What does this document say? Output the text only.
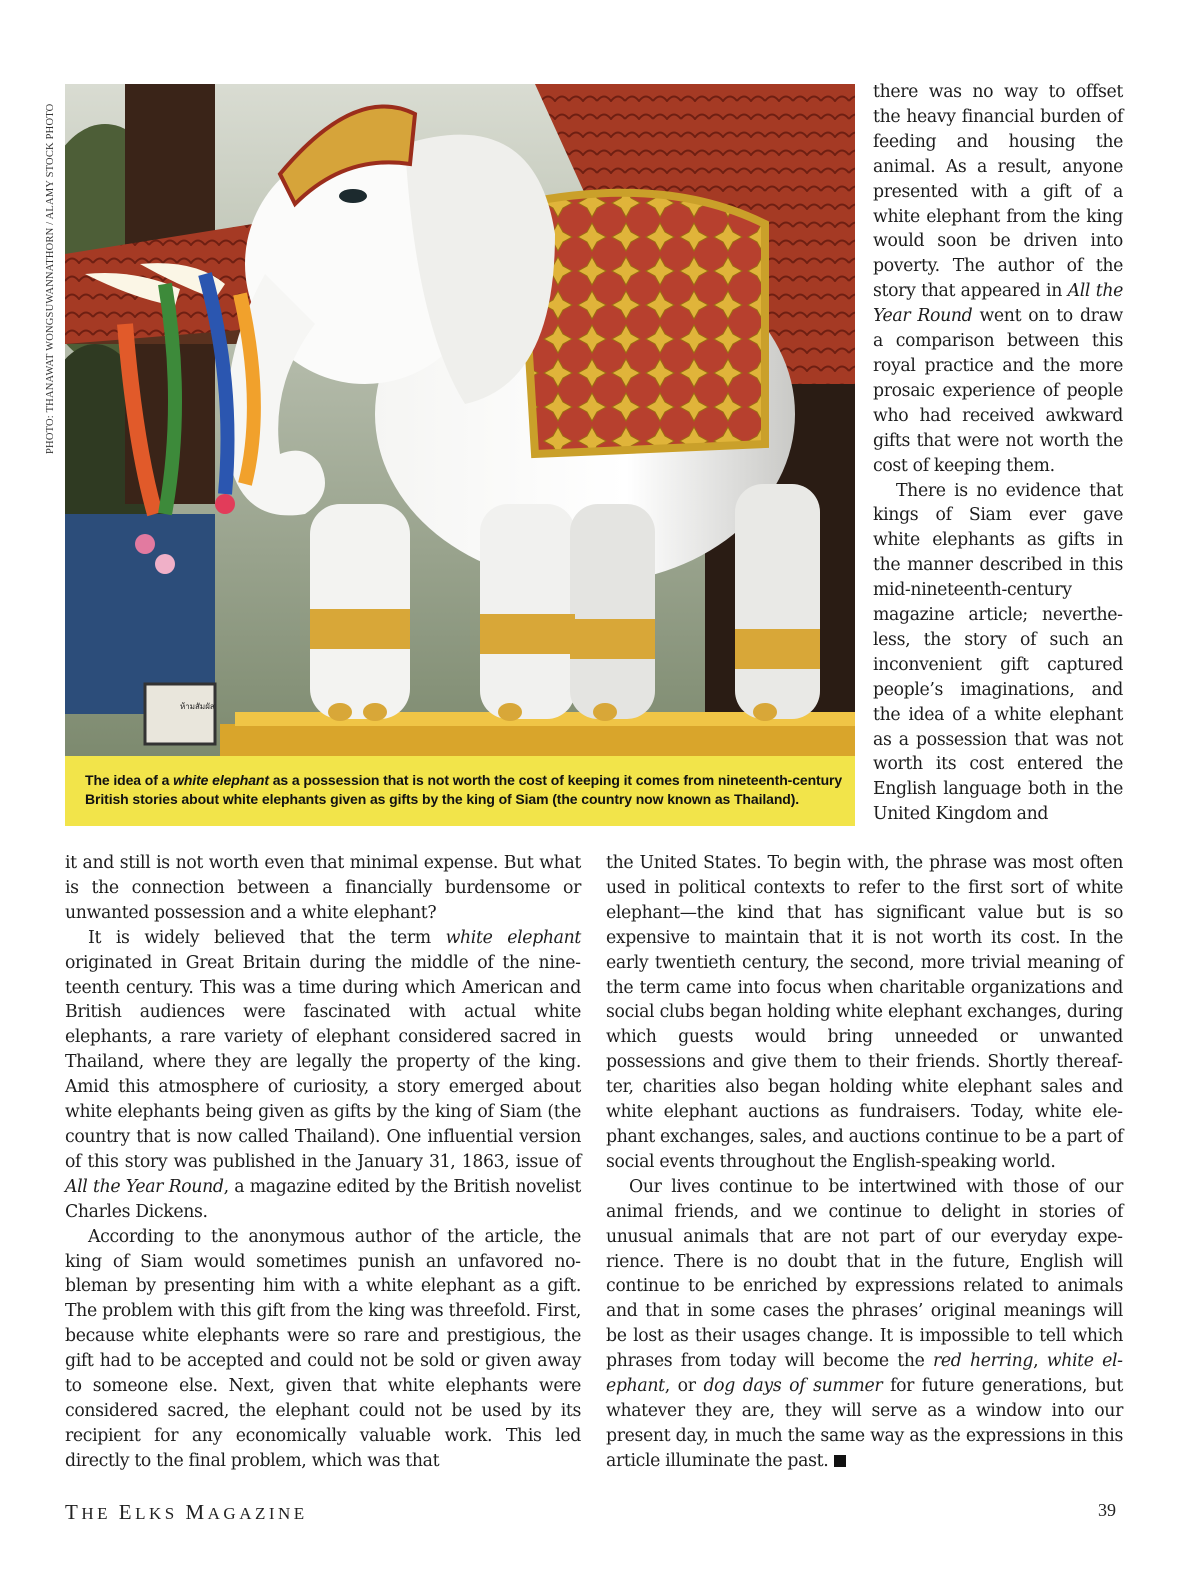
PHOTO: THANAWAT WONGSUWANNATHORN / ALAMY STOCK PHOTO
ห้ามสัมผัส

The idea of a white elephant as a possession that is not worth the cost of keeping it comes from nineteenth-century British stories about white elephants given as gifts by the king of Siam (the country now known as Thailand).

there was no way to offset the heavy financial burden of feeding and housing the animal. As a result, anyone presented with a gift of a white elephant from the king would soon be driven into poverty. The author of the story that appeared in All the Year Round went on to draw a comparison between this royal practice and the more prosaic experience of people who had received awkward gifts that were not worth the cost of keeping them.

There is no evidence that kings of Siam ever gave white elephants as gifts in the manner described in this mid-nineteenth-century magazine article; nevertheless, the story of such an inconvenient gift captured people’s imaginations, and the idea of a white elephant as a possession that was not worth its cost entered the English language both in the United Kingdom and

it and still is not worth even that minimal expense. But what is the connection between a financially burdensome or unwanted possession and a white elephant?

It is widely believed that the term white elephant originated in Great Britain during the middle of the nineteenth century. This was a time during which American and British audiences were fascinated with actual white elephants, a rare variety of elephant considered sacred in Thailand, where they are legally the property of the king. Amid this atmosphere of curiosity, a story emerged about white elephants being given as gifts by the king of Siam (the country that is now called Thailand). One influential version of this story was published in the January 31, 1863, issue of All the Year Round, a magazine edited by the British novelist Charles Dickens.

According to the anonymous author of the article, the king of Siam would sometimes punish an unfavored nobleman by presenting him with a white elephant as a gift. The problem with this gift from the king was threefold. First, because white elephants were so rare and prestigious, the gift had to be accepted and could not be sold or given away to someone else. Next, given that white elephants were considered sacred, the elephant could not be used by its recipient for any economically valuable work. This led directly to the final problem, which was that

the United States. To begin with, the phrase was most often used in political contexts to refer to the first sort of white elephant—the kind that has significant value but is so expensive to maintain that it is not worth its cost. In the early twentieth century, the second, more trivial meaning of the term came into focus when charitable organizations and social clubs began holding white elephant exchanges, during which guests would bring unneeded or unwanted possessions and give them to their friends. Shortly thereafter, charities also began holding white elephant sales and white elephant auctions as fundraisers. Today, white elephant exchanges, sales, and auctions continue to be a part of social events throughout the English-speaking world.

Our lives continue to be intertwined with those of our animal friends, and we continue to delight in stories of unusual animals that are not part of our everyday experience. There is no doubt that in the future, English will continue to be enriched by expressions related to animals and that in some cases the phrases’ original meanings will be lost as their usages change. It is impossible to tell which phrases from today will become the red herring, white elephant, or dog days of summer for future generations, but whatever they are, they will serve as a window into our present day, in much the same way as the expressions in this article illuminate the past.

THE ELKS MAGAZINE	39
